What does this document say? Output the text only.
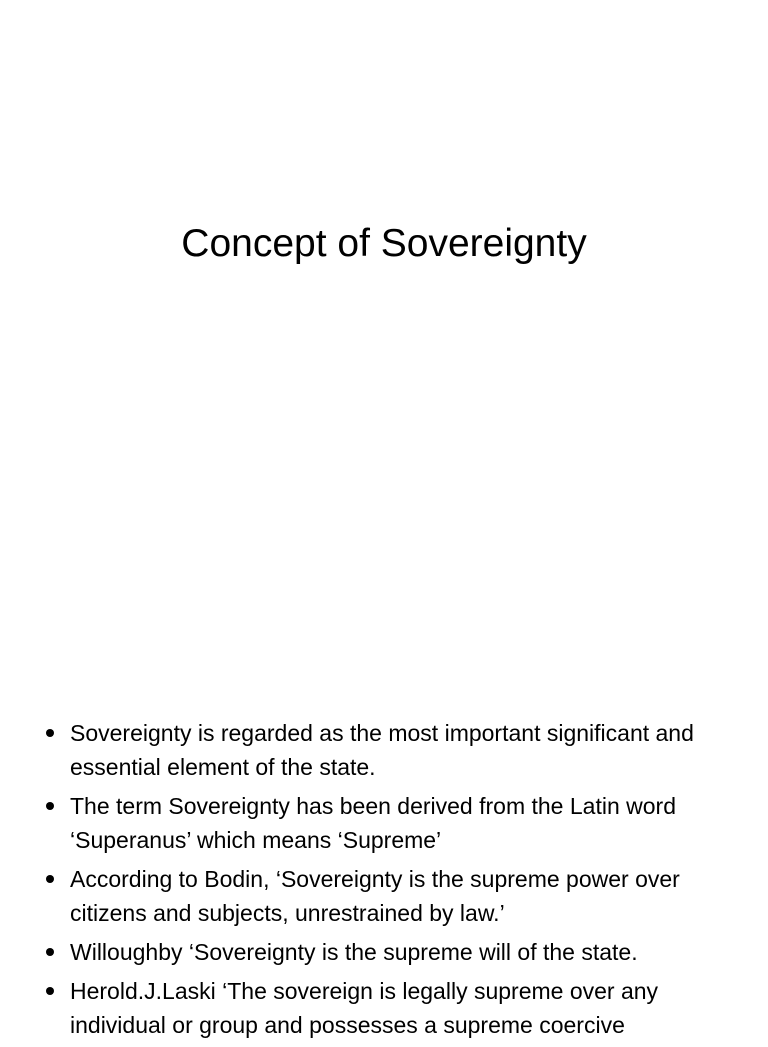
Concept of Sovereignty
Sovereignty is regarded as the most important significant and essential element of the state.
The term Sovereignty has been derived from the Latin word ‘Superanus’ which means ‘Supreme’
According to Bodin, ‘Sovereignty is the supreme power over citizens and subjects, unrestrained by law.’
Willoughby ‘Sovereignty is the supreme will of the state.
Herold.J.Laski ‘The sovereign is legally supreme over any individual or group and possesses a supreme coercive
